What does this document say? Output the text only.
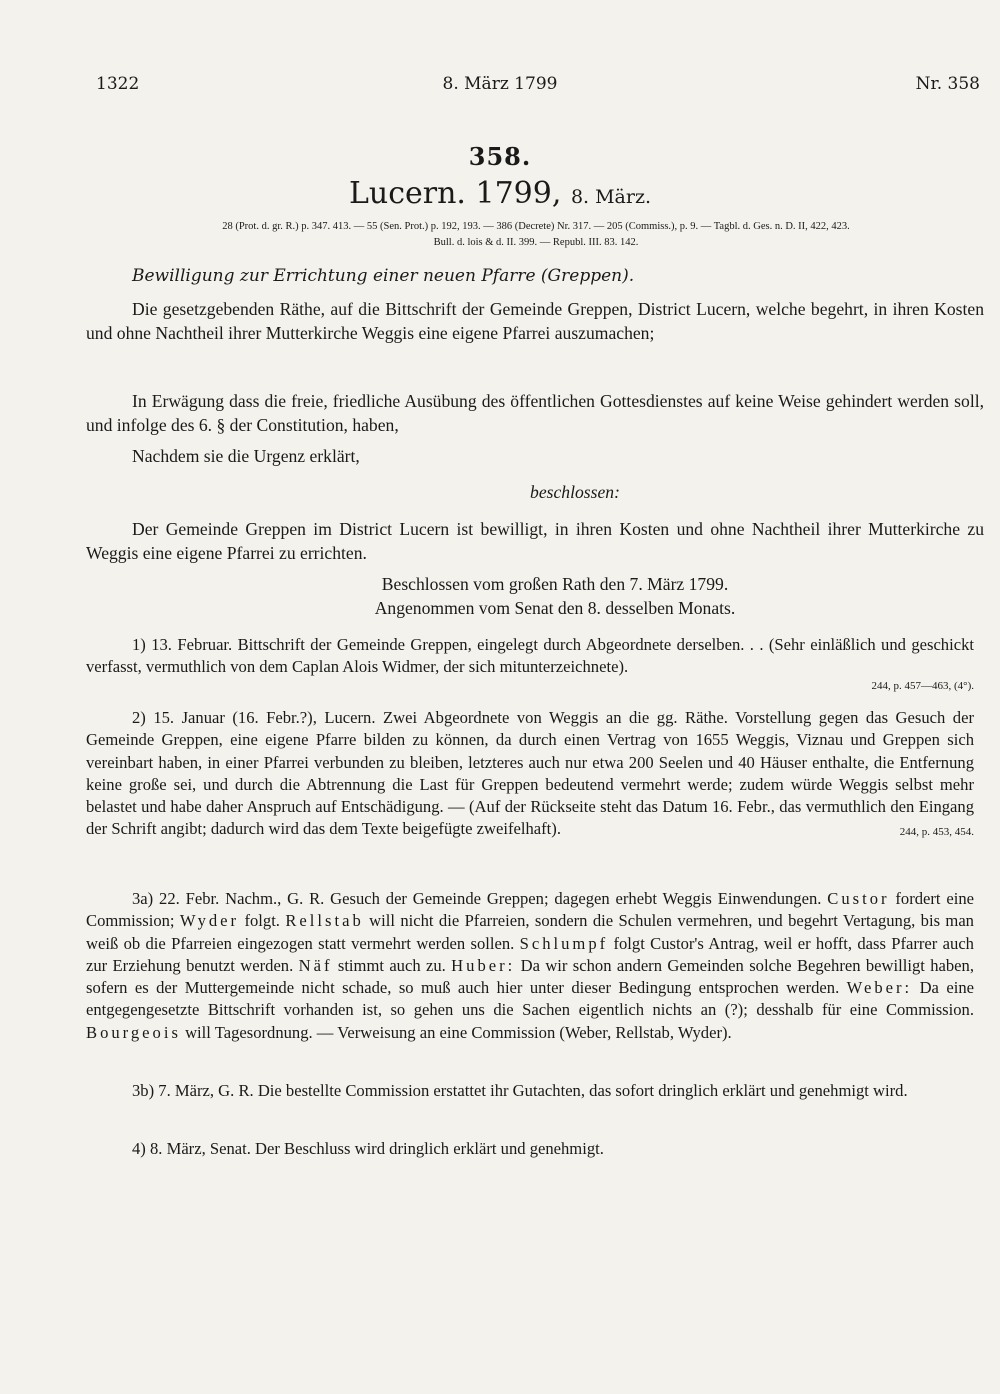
1322	8. März 1799	Nr. 358
358.
Lucern. 1799, 8. März.
28 (Prot. d. gr. R.) p. 347. 413. — 55 (Sen. Prot.) p. 192, 193. — 386 (Decrete) Nr. 317. — 205 (Commiss.), p. 9. — Tagbl. d. Ges. n. D. II, 422, 423.
Bull. d. lois & d. II. 399. — Republ. III. 83. 142.
Bewilligung zur Errichtung einer neuen Pfarre (Greppen).
Die gesetzgebenden Räthe, auf die Bittschrift der Gemeinde Greppen, District Lucern, welche begehrt, in ihren Kosten und ohne Nachtheil ihrer Mutterkirche Weggis eine eigene Pfarrei auszumachen;
In Erwägung dass die freie, friedliche Ausübung des öffentlichen Gottesdienstes auf keine Weise gehindert werden soll, und infolge des 6. § der Constitution, haben,
Nachdem sie die Urgenz erklärt,
beschlossen:
Der Gemeinde Greppen im District Lucern ist bewilligt, in ihren Kosten und ohne Nachtheil ihrer Mutterkirche zu Weggis eine eigene Pfarrei zu errichten.
Beschlossen vom großen Rath den 7. März 1799.
Angenommen vom Senat den 8. desselben Monats.
1) 13. Februar. Bittschrift der Gemeinde Greppen, eingelegt durch Abgeordnete derselben. . . (Sehr einläßlich und geschickt verfasst, vermuthlich von dem Caplan Alois Widmer, der sich mitunterzeichnete).
244, p. 457—463, (4°).
2) 15. Januar (16. Febr.?), Lucern. Zwei Abgeordnete von Weggis an die gg. Räthe. Vorstellung gegen das Gesuch der Gemeinde Greppen, eine eigene Pfarre bilden zu können, da durch einen Vertrag von 1655 Weggis, Viznau und Greppen sich vereinbart haben, in einer Pfarrei verbunden zu bleiben, letzteres auch nur etwa 200 Seelen und 40 Häuser enthalte, die Entfernung keine große sei, und durch die Abtrennung die Last für Greppen bedeutend vermehrt werde; zudem würde Weggis selbst mehr belastet und habe daher Anspruch auf Entschädigung. — (Auf der Rückseite steht das Datum 16. Febr., das vermuthlich den Eingang der Schrift angibt; dadurch wird das dem Texte beigefügte zweifelhaft).	244, p. 453, 454.
3a) 22. Febr. Nachm., G. R. Gesuch der Gemeinde Greppen; dagegen erhebt Weggis Einwendungen. Custor fordert eine Commission; Wyder folgt. Rellstab will nicht die Pfarreien, sondern die Schulen vermehren, und begehrt Vertagung, bis man weiß ob die Pfarreien eingezogen statt vermehrt werden sollen. Schlumpf folgt Custor's Antrag, weil er hofft, dass Pfarrer auch zur Erziehung benutzt werden. Näf stimmt auch zu. Huber: Da wir schon andern Gemeinden solche Begehren bewilligt haben, sofern es der Muttergemeinde nicht schade, so muß auch hier unter dieser Bedingung entsprochen werden. Weber: Da eine entgegengesetzte Bittschrift vorhanden ist, so gehen uns die Sachen eigentlich nichts an (?); desshalb für eine Commission. Bourgeois will Tagesordnung. — Verweisung an eine Commission (Weber, Rellstab, Wyder).
3b) 7. März, G. R. Die bestellte Commission erstattet ihr Gutachten, das sofort dringlich erklärt und genehmigt wird.
4) 8. März, Senat. Der Beschluss wird dringlich erklärt und genehmigt.
